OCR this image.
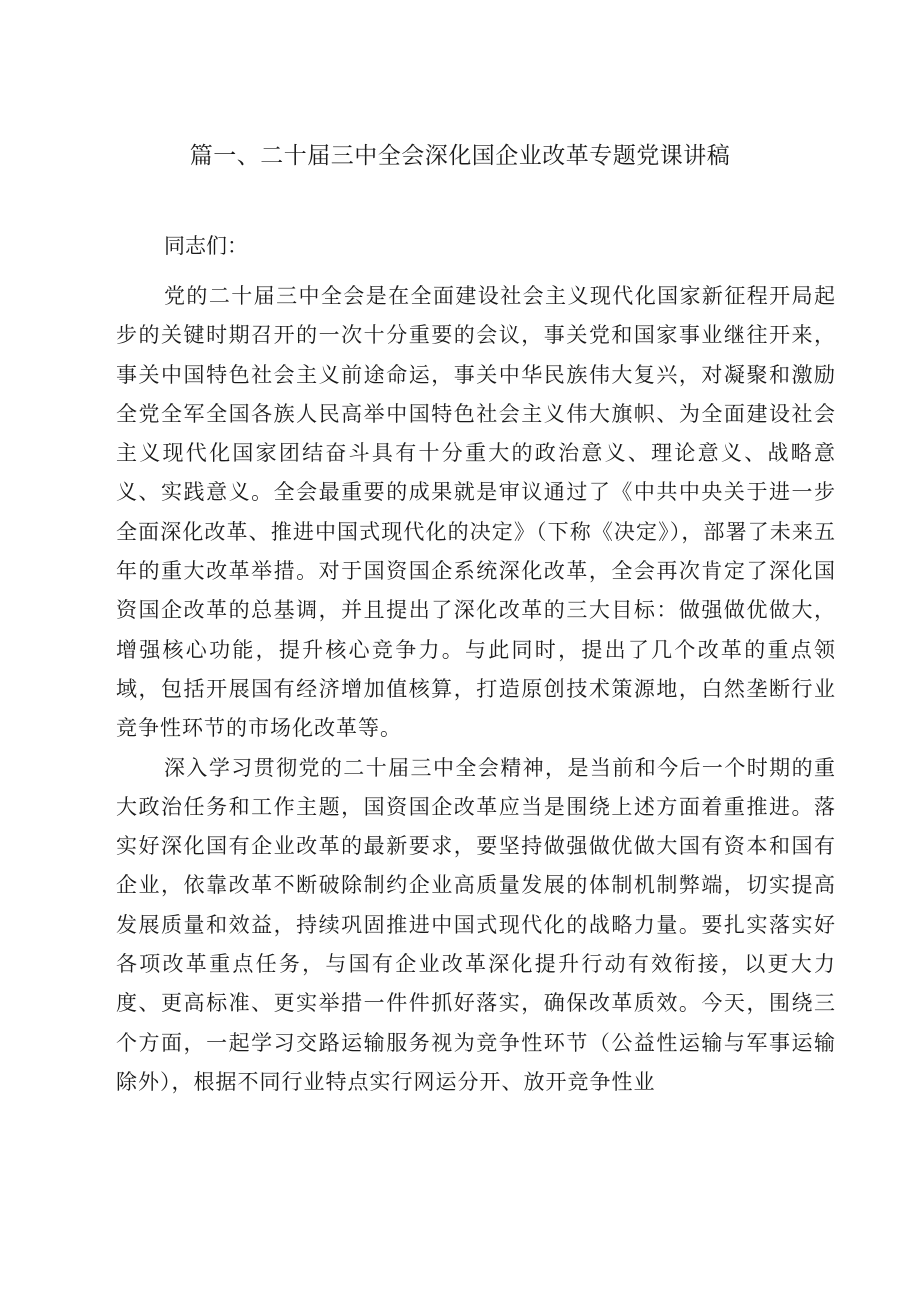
篇一、二十届三中全会深化国企业改革专题党课讲稿

同志们：

党的二十届三中全会是在全面建设社会主义现代化国家新征程开局起步的关键时期召开的一次十分重要的会议，事关党和国家事业继往开来，事关中国特色社会主义前途命运，事关中华民族伟大复兴，对凝聚和激励全党全军全国各族人民高举中国特色社会主义伟大旗帜、为全面建设社会主义现代化国家团结奋斗具有十分重大的政治意义、理论意义、战略意义、实践意义。全会最重要的成果就是审议通过了《中共中央关于进一步全面深化改革、推进中国式现代化的决定》（下称《决定》），部署了未来五年的重大改革举措。对于国资国企系统深化改革，全会再次肯定了深化国资国企改革的总基调，并且提出了深化改革的三大目标：做强做优做大，增强核心功能，提升核心竞争力。与此同时，提出了几个改革的重点领域，包括开展国有经济增加值核算，打造原创技术策源地，白然垄断行业竞争性环节的市场化改革等。

深入学习贯彻党的二十届三中全会精神，是当前和今后一个时期的重大政治任务和工作主题，国资国企改革应当是围绕上述方面着重推进。落实好深化国有企业改革的最新要求，要坚持做强做优做大国有资本和国有企业，依靠改革不断破除制约企业高质量发展的体制机制弊端，切实提高发展质量和效益，持续巩固推进中国式现代化的战略力量。要扎实落实好各项改革重点任务，与国有企业改革深化提升行动有效衔接，以更大力度、更高标准、更实举措一件件抓好落实，确保改革质效。今天，围绕三个方面，一起学习交路运输服务视为竞争性环节（公益性运输与军事运输除外），根据不同行业特点实行网运分开、放开竞争性业
